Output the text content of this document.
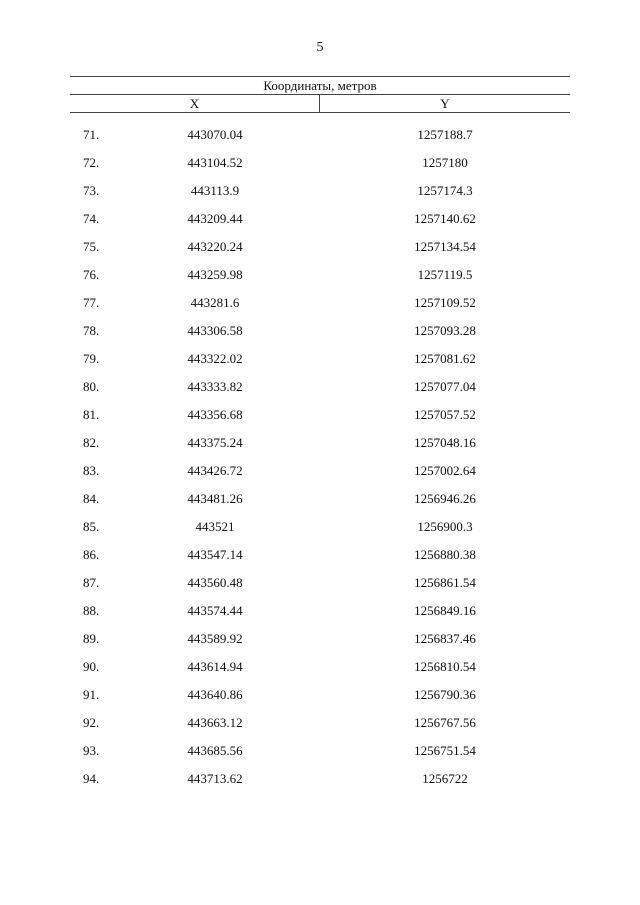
5
Координаты, метров
X	Y
71.	443070.04	1257188.7
72.	443104.52	1257180
73.	443113.9	1257174.3
74.	443209.44	1257140.62
75.	443220.24	1257134.54
76.	443259.98	1257119.5
77.	443281.6	1257109.52
78.	443306.58	1257093.28
79.	443322.02	1257081.62
80.	443333.82	1257077.04
81.	443356.68	1257057.52
82.	443375.24	1257048.16
83.	443426.72	1257002.64
84.	443481.26	1256946.26
85.	443521	1256900.3
86.	443547.14	1256880.38
87.	443560.48	1256861.54
88.	443574.44	1256849.16
89.	443589.92	1256837.46
90.	443614.94	1256810.54
91.	443640.86	1256790.36
92.	443663.12	1256767.56
93.	443685.56	1256751.54
94.	443713.62	1256722
